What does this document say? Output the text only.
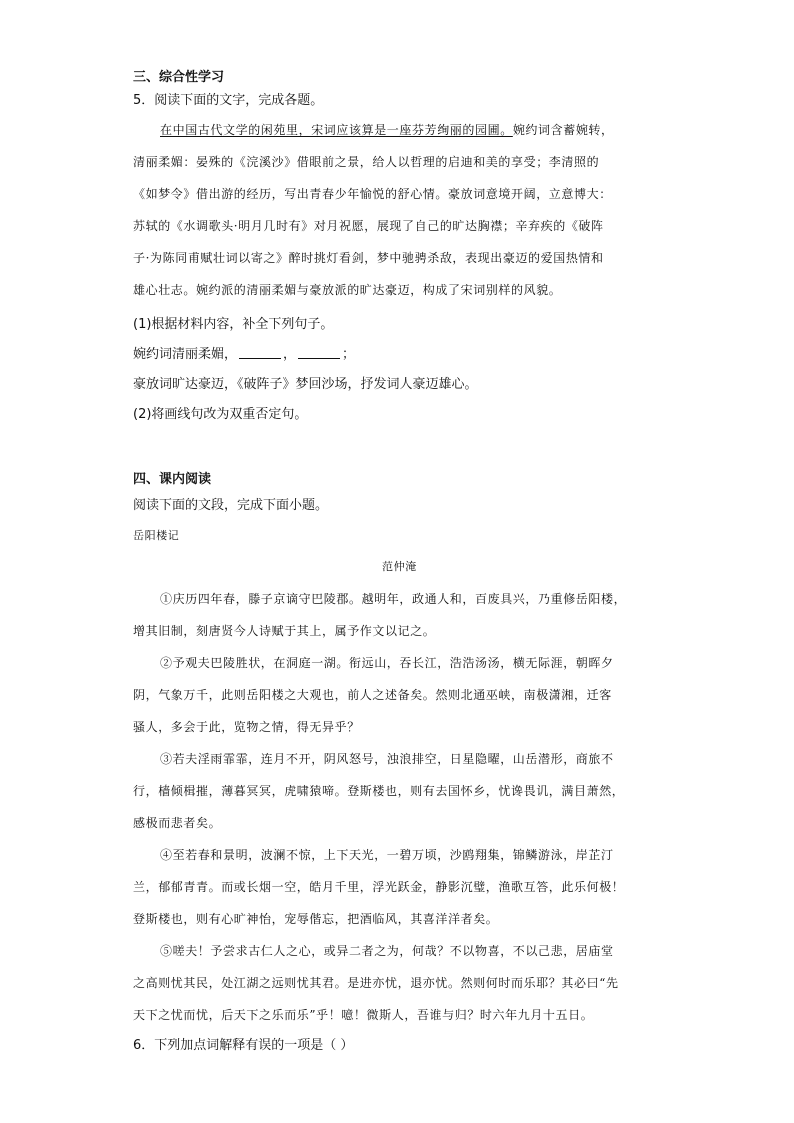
三、综合性学习
5．阅读下面的文字，完成各题。
在中国古代文学的闲苑里，宋词应该算是一座芬芳绚丽的园圃。婉约词含蓄婉转，
清丽柔媚：晏殊的《浣溪沙》借眼前之景，给人以哲理的启迪和美的享受；李清照的
《如梦令》借出游的经历，写出青春少年愉悦的舒心情。豪放词意境开阔，立意博大：
苏轼的《水调歌头·明月几时有》对月祝愿，展现了自己的旷达胸襟；辛弃疾的《破阵
子·为陈同甫赋壮词以寄之》醉时挑灯看剑，梦中驰骋杀敌，表现出豪迈的爱国热情和
雄心壮志。婉约派的清丽柔媚与豪放派的旷达豪迈，构成了宋词别样的风貌。
(1)根据材料内容，补全下列句子。
婉约词清丽柔媚，	，	；
豪放词旷达豪迈，《破阵子》梦回沙场，抒发词人豪迈雄心。
(2)将画线句改为双重否定句。
四、课内阅读
阅读下面的文段，完成下面小题。
岳阳楼记
范仲淹
①庆历四年春，滕子京谪守巴陵郡。越明年，政通人和，百废具兴，乃重修岳阳楼，
增其旧制，刻唐贤今人诗赋于其上，属予作文以记之。
②予观夫巴陵胜状，在洞庭一湖。衔远山，吞长江，浩浩汤汤，横无际涯，朝晖夕
阴，气象万千，此则岳阳楼之大观也，前人之述备矣。然则北通巫峡，南极潇湘，迁客
骚人，多会于此，览物之情，得无异乎？
③若夫淫雨霏霏，连月不开，阴风怒号，浊浪排空，日星隐曜，山岳潜形，商旅不
行，樯倾楫摧，薄暮冥冥，虎啸猿啼。登斯楼也，则有去国怀乡，忧谗畏讥，满目萧然，
感极而悲者矣。
④至若春和景明，波澜不惊，上下天光，一碧万顷，沙鸥翔集，锦鳞游泳，岸芷汀
兰，郁郁青青。而或长烟一空，皓月千里，浮光跃金，静影沉璧，渔歌互答，此乐何极！
登斯楼也，则有心旷神怡，宠辱偕忘，把酒临风，其喜洋洋者矣。
⑤嗟夫！予尝求古仁人之心，或异二者之为，何哉？不以物喜，不以己悲，居庙堂
之高则忧其民，处江湖之远则忧其君。是进亦忧，退亦忧。然则何时而乐耶？其必曰“先
天下之忧而忧，后天下之乐而乐”乎！噫！微斯人，吾谁与归？时六年九月十五日。
6．下列加点词解释有误的一项是（ ）
